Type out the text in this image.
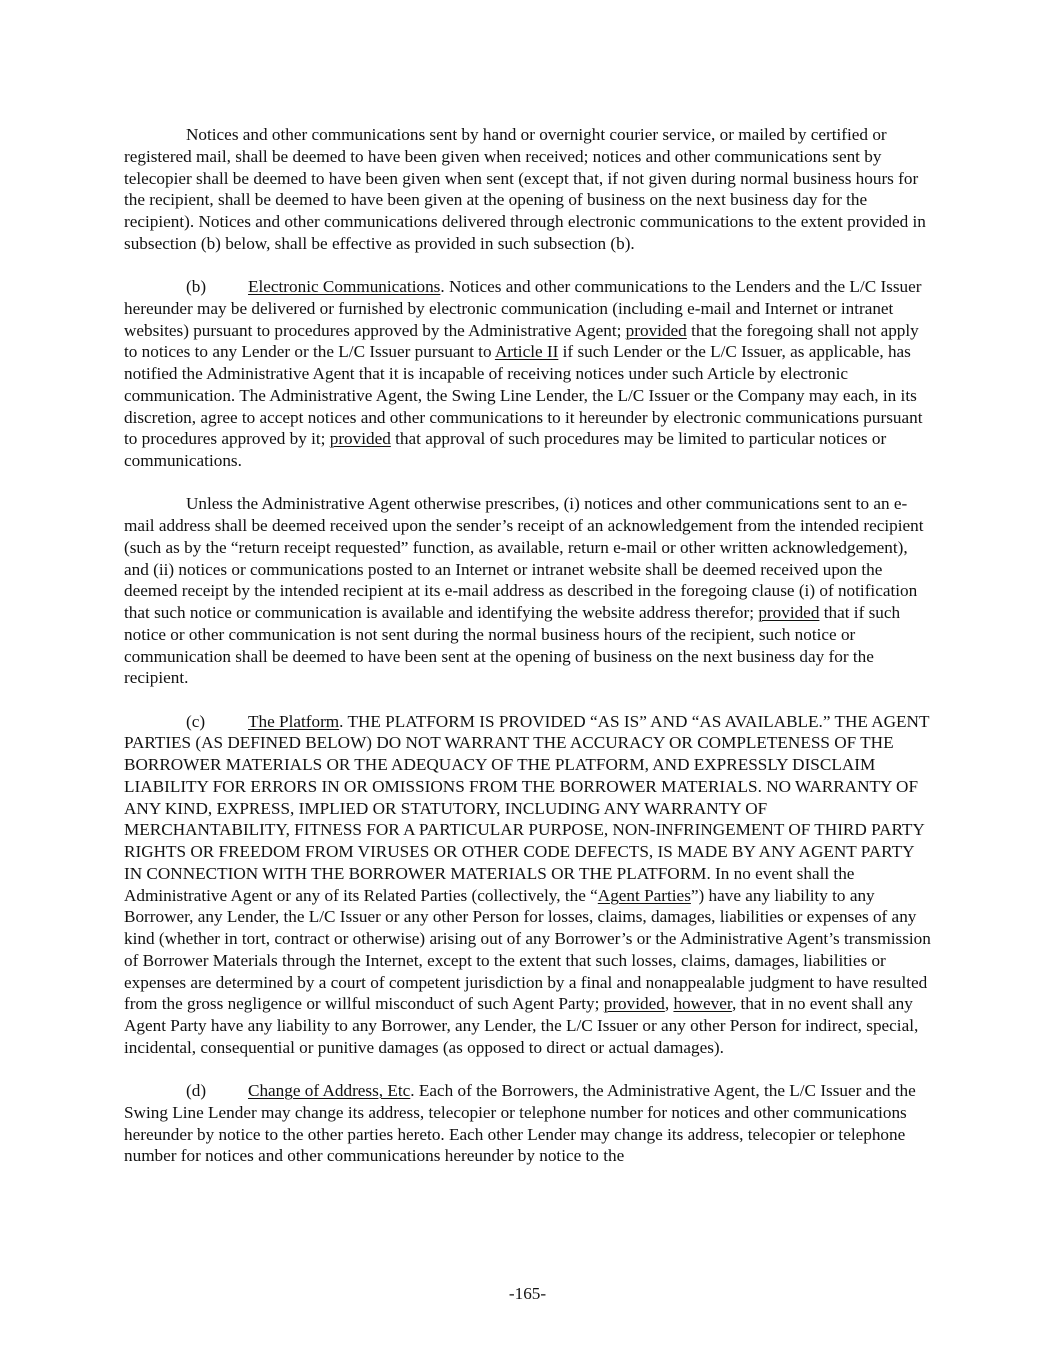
Notices and other communications sent by hand or overnight courier service, or mailed by certified or registered mail, shall be deemed to have been given when received; notices and other communications sent by telecopier shall be deemed to have been given when sent (except that, if not given during normal business hours for the recipient, shall be deemed to have been given at the opening of business on the next business day for the recipient). Notices and other communications delivered through electronic communications to the extent provided in subsection (b) below, shall be effective as provided in such subsection (b).

(b) Electronic Communications. Notices and other communications to the Lenders and the L/C Issuer hereunder may be delivered or furnished by electronic communication (including e-mail and Internet or intranet websites) pursuant to procedures approved by the Administrative Agent; provided that the foregoing shall not apply to notices to any Lender or the L/C Issuer pursuant to Article II if such Lender or the L/C Issuer, as applicable, has notified the Administrative Agent that it is incapable of receiving notices under such Article by electronic communication. The Administrative Agent, the Swing Line Lender, the L/C Issuer or the Company may each, in its discretion, agree to accept notices and other communications to it hereunder by electronic communications pursuant to procedures approved by it; provided that approval of such procedures may be limited to particular notices or communications.

Unless the Administrative Agent otherwise prescribes, (i) notices and other communications sent to an e-mail address shall be deemed received upon the sender’s receipt of an acknowledgement from the intended recipient (such as by the “return receipt requested” function, as available, return e-mail or other written acknowledgement), and (ii) notices or communications posted to an Internet or intranet website shall be deemed received upon the deemed receipt by the intended recipient at its e-mail address as described in the foregoing clause (i) of notification that such notice or communication is available and identifying the website address therefor; provided that if such notice or other communication is not sent during the normal business hours of the recipient, such notice or communication shall be deemed to have been sent at the opening of business on the next business day for the recipient.

(c) The Platform. THE PLATFORM IS PROVIDED “AS IS” AND “AS AVAILABLE.” THE AGENT PARTIES (AS DEFINED BELOW) DO NOT WARRANT THE ACCURACY OR COMPLETENESS OF THE BORROWER MATERIALS OR THE ADEQUACY OF THE PLATFORM, AND EXPRESSLY DISCLAIM LIABILITY FOR ERRORS IN OR OMISSIONS FROM THE BORROWER MATERIALS. NO WARRANTY OF ANY KIND, EXPRESS, IMPLIED OR STATUTORY, INCLUDING ANY WARRANTY OF MERCHANTABILITY, FITNESS FOR A PARTICULAR PURPOSE, NON-INFRINGEMENT OF THIRD PARTY RIGHTS OR FREEDOM FROM VIRUSES OR OTHER CODE DEFECTS, IS MADE BY ANY AGENT PARTY IN CONNECTION WITH THE BORROWER MATERIALS OR THE PLATFORM. In no event shall the Administrative Agent or any of its Related Parties (collectively, the “Agent Parties”) have any liability to any Borrower, any Lender, the L/C Issuer or any other Person for losses, claims, damages, liabilities or expenses of any kind (whether in tort, contract or otherwise) arising out of any Borrower’s or the Administrative Agent’s transmission of Borrower Materials through the Internet, except to the extent that such losses, claims, damages, liabilities or expenses are determined by a court of competent jurisdiction by a final and nonappealable judgment to have resulted from the gross negligence or willful misconduct of such Agent Party; provided, however, that in no event shall any Agent Party have any liability to any Borrower, any Lender, the L/C Issuer or any other Person for indirect, special, incidental, consequential or punitive damages (as opposed to direct or actual damages).

(d) Change of Address, Etc. Each of the Borrowers, the Administrative Agent, the L/C Issuer and the Swing Line Lender may change its address, telecopier or telephone number for notices and other communications hereunder by notice to the other parties hereto. Each other Lender may change its address, telecopier or telephone number for notices and other communications hereunder by notice to the

-165-
